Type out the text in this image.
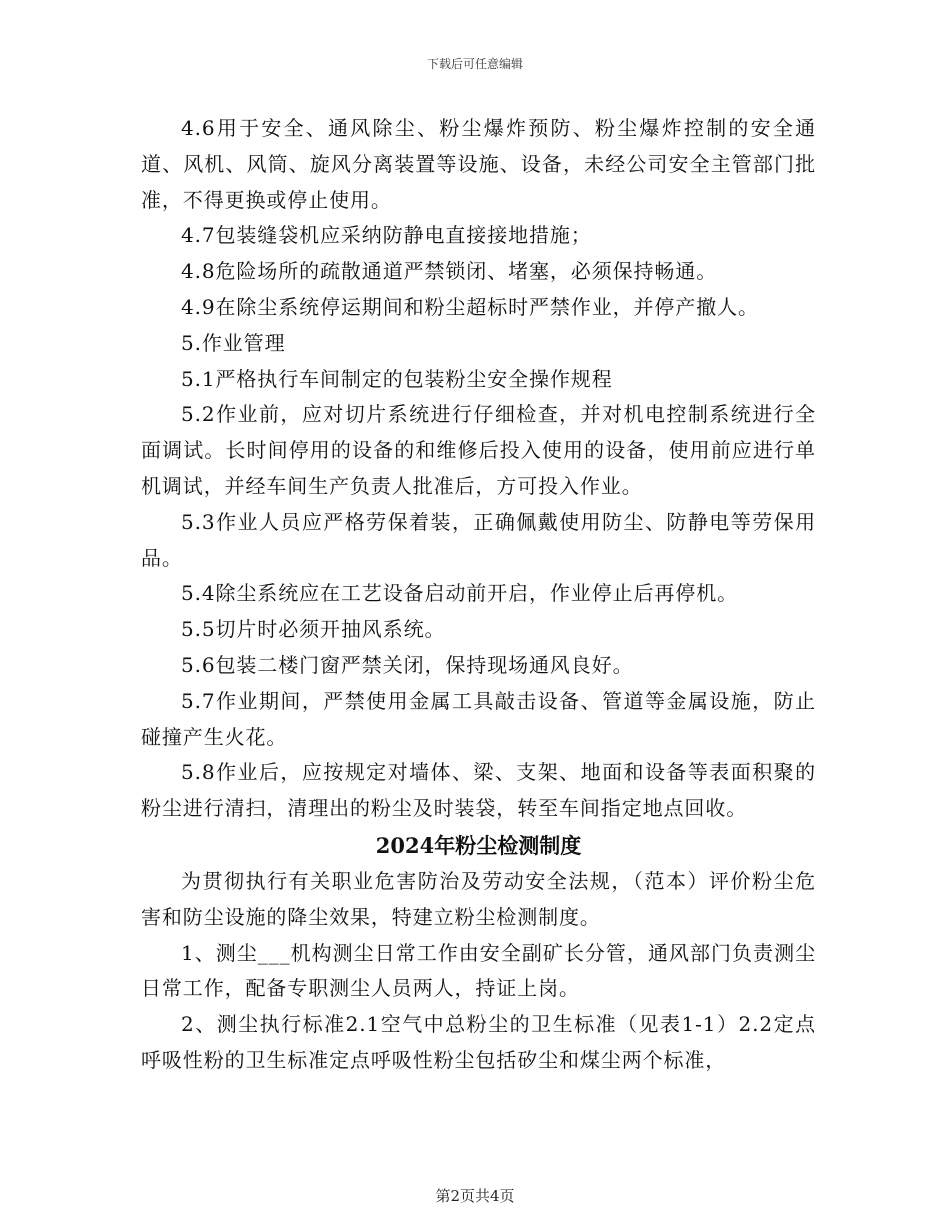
下载后可任意编辑

4.6用于安全、通风除尘、粉尘爆炸预防、粉尘爆炸控制的安全通道、风机、风筒、旋风分离装置等设施、设备，未经公司安全主管部门批准，不得更换或停止使用。

4.7包装缝袋机应采纳防静电直接接地措施；

4.8危险场所的疏散通道严禁锁闭、堵塞，必须保持畅通。

4.9在除尘系统停运期间和粉尘超标时严禁作业，并停产撤人。

5.作业管理

5.1严格执行车间制定的包装粉尘安全操作规程

5.2作业前，应对切片系统进行仔细检查，并对机电控制系统进行全面调试。长时间停用的设备的和维修后投入使用的设备，使用前应进行单机调试，并经车间生产负责人批准后，方可投入作业。

5.3作业人员应严格劳保着装，正确佩戴使用防尘、防静电等劳保用品。

5.4除尘系统应在工艺设备启动前开启，作业停止后再停机。

5.5切片时必须开抽风系统。

5.6包装二楼门窗严禁关闭，保持现场通风良好。

5.7作业期间，严禁使用金属工具敲击设备、管道等金属设施，防止碰撞产生火花。

5.8作业后，应按规定对墙体、梁、支架、地面和设备等表面积聚的粉尘进行清扫，清理出的粉尘及时装袋，转至车间指定地点回收。

2024年粉尘检测制度

为贯彻执行有关职业危害防治及劳动安全法规，（范本）评价粉尘危害和防尘设施的降尘效果，特建立粉尘检测制度。

1、测尘___机构测尘日常工作由安全副矿长分管，通风部门负责测尘日常工作，配备专职测尘人员两人，持证上岗。

2、测尘执行标准2.1空气中总粉尘的卫生标准（见表1-1）2.2定点呼吸性粉的卫生标准定点呼吸性粉尘包括矽尘和煤尘两个标准，

第2页共4页
